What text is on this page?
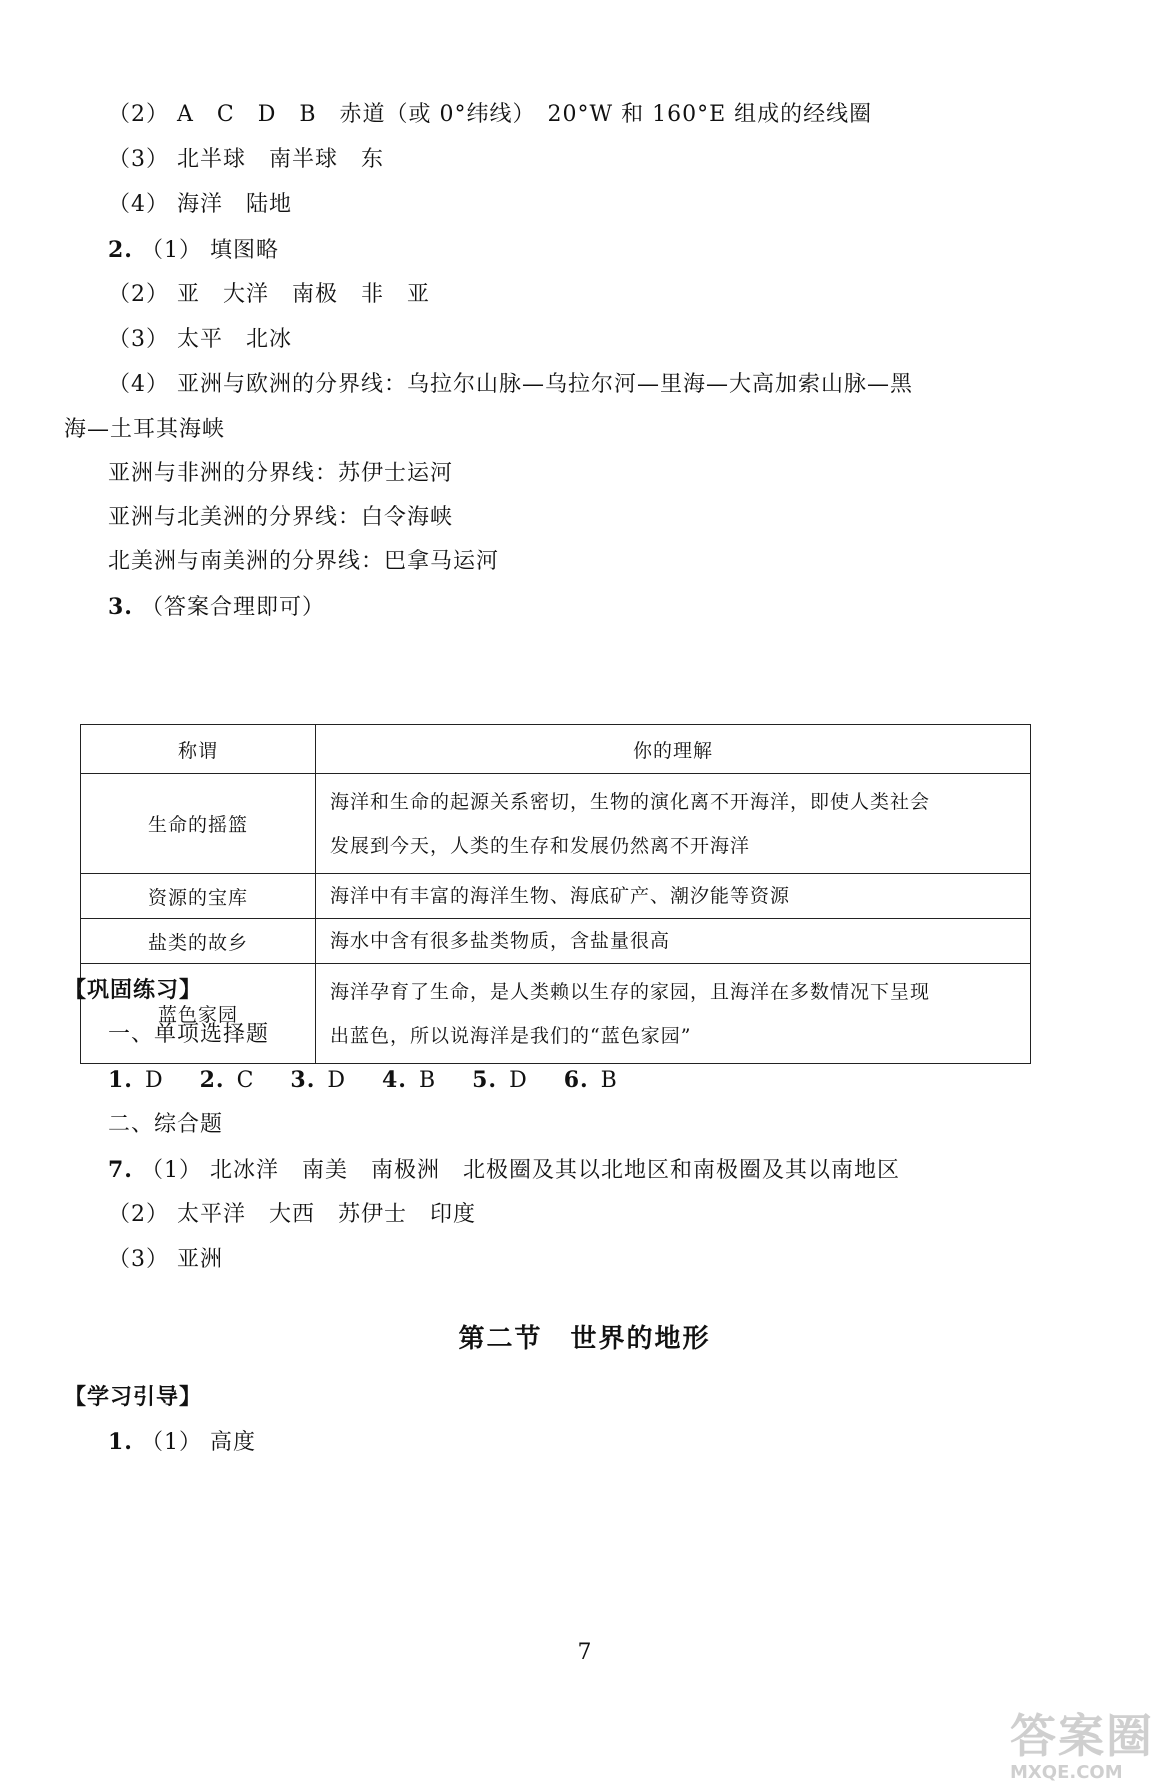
（2） A　C　D　B　赤道（或 0°纬线）　20°W 和 160°E 组成的经线圈
（3） 北半球　南半球　东
（4） 海洋　陆地
2. （1） 填图略
（2） 亚　大洋　南极　非　亚
（3） 太平　北冰
（4） 亚洲与欧洲的分界线：乌拉尔山脉—乌拉尔河—里海—大高加索山脉—黑
海—土耳其海峡
亚洲与非洲的分界线：苏伊士运河
亚洲与北美洲的分界线：白令海峡
北美洲与南美洲的分界线：巴拿马运河
3. （答案合理即可）
称谓	你的理解
生命的摇篮	海洋和生命的起源关系密切，生物的演化离不开海洋，即使人类社会
发展到今天，人类的生存和发展仍然离不开海洋

资源的宝库	海洋中有丰富的海洋生物、海底矿产、潮汐能等资源
盐类的故乡	海水中含有很多盐类物质，含盐量很高
蓝色家园	海洋孕育了生命，是人类赖以生存的家园，且海洋在多数情况下呈现
出蓝色，所以说海洋是我们的“蓝色家园”
【巩固练习】
一、单项选择题
1. D 2. C 3. D 4. B 5. D 6. B
二、综合题
7. （1） 北冰洋　南美　南极洲　北极圈及其以北地区和南极圈及其以南地区
（2） 太平洋　大西　苏伊士　印度
（3） 亚洲
第二节　世界的地形
【学习引导】
1. （1） 高度
7
答案圈
MXQE.COM
